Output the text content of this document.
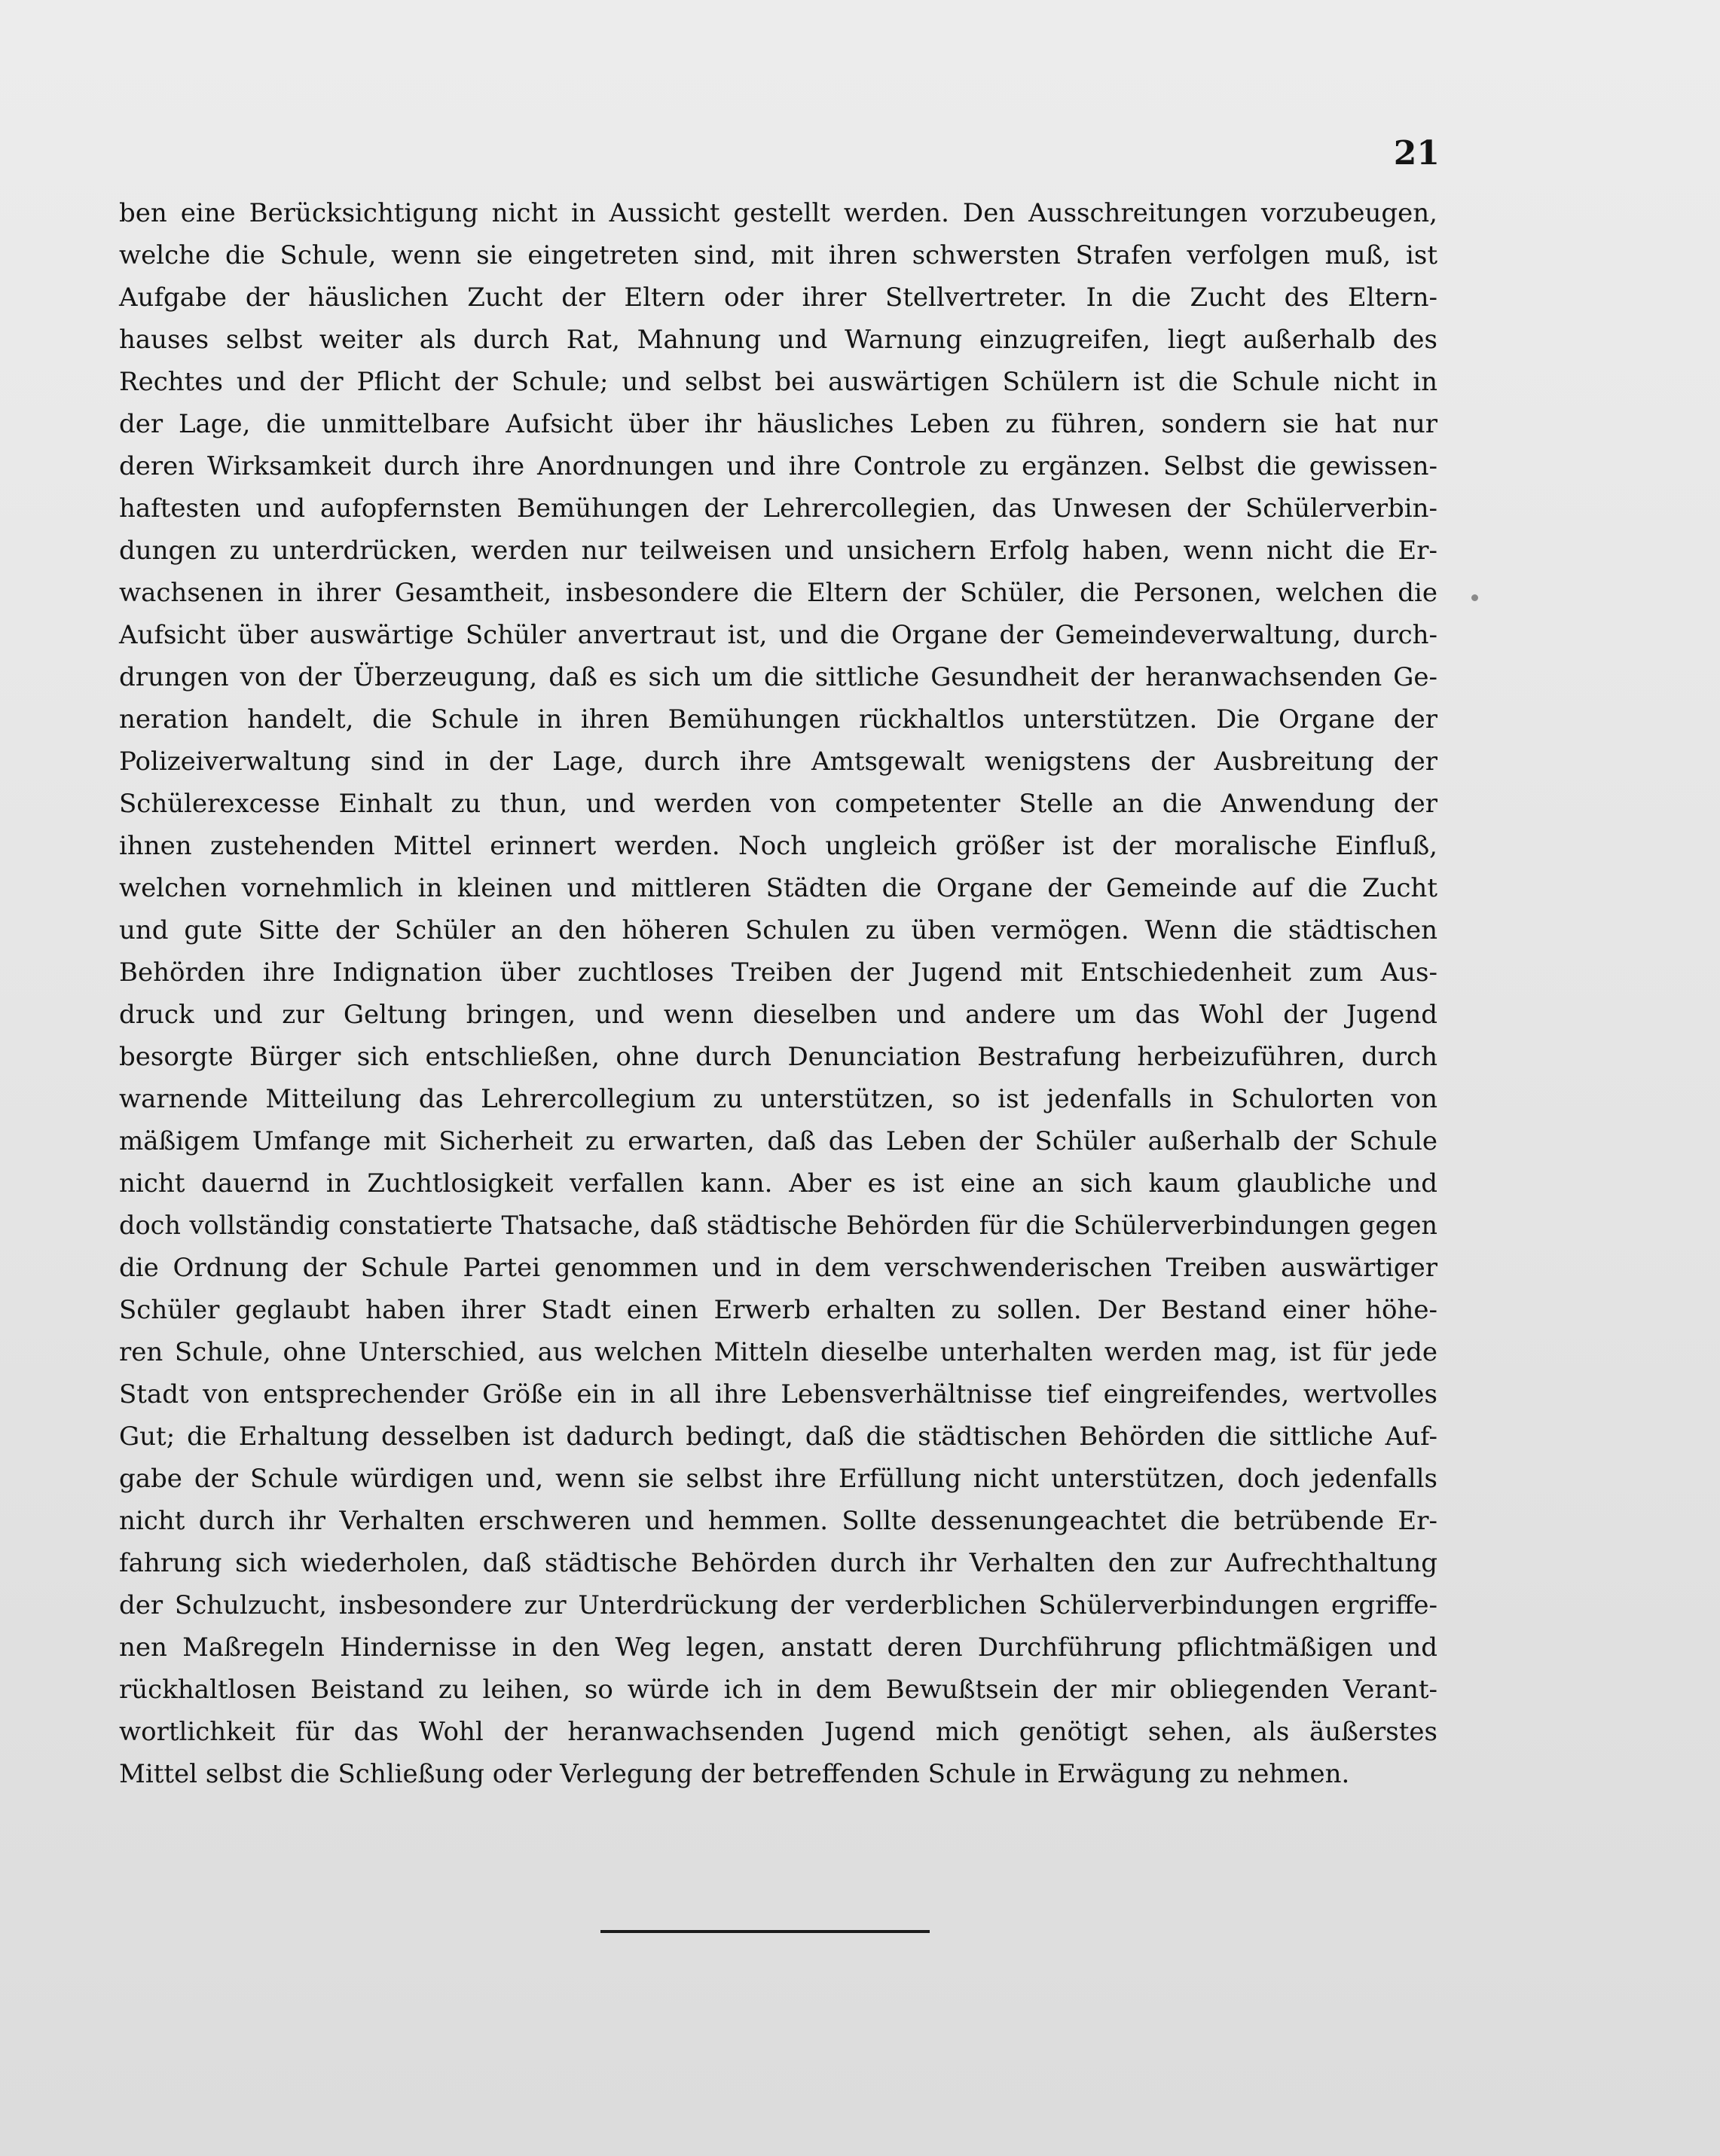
21
ben eine Berücksichtigung nicht in Aussicht gestellt werden. Den Ausschreitungen vorzubeugen,
welche die Schule, wenn sie eingetreten sind, mit ihren schwersten Strafen verfolgen muß, ist
Aufgabe der häuslichen Zucht der Eltern oder ihrer Stellvertreter. In die Zucht des Eltern-
hauses selbst weiter als durch Rat, Mahnung und Warnung einzugreifen, liegt außerhalb des
Rechtes und der Pflicht der Schule; und selbst bei auswärtigen Schülern ist die Schule nicht in
der Lage, die unmittelbare Aufsicht über ihr häusliches Leben zu führen, sondern sie hat nur
deren Wirksamkeit durch ihre Anordnungen und ihre Controle zu ergänzen. Selbst die gewissen-
haftesten und aufopfernsten Bemühungen der Lehrercollegien, das Unwesen der Schülerverbin-
dungen zu unterdrücken, werden nur teilweisen und unsichern Erfolg haben, wenn nicht die Er-
wachsenen in ihrer Gesamtheit, insbesondere die Eltern der Schüler, die Personen, welchen die
Aufsicht über auswärtige Schüler anvertraut ist, und die Organe der Gemeindeverwaltung, durch-
drungen von der Überzeugung, daß es sich um die sittliche Gesundheit der heranwachsenden Ge-
neration handelt, die Schule in ihren Bemühungen rückhaltlos unterstützen. Die Organe der
Polizeiverwaltung sind in der Lage, durch ihre Amtsgewalt wenigstens der Ausbreitung der
Schülerexcesse Einhalt zu thun, und werden von competenter Stelle an die Anwendung der
ihnen zustehenden Mittel erinnert werden. Noch ungleich größer ist der moralische Einfluß,
welchen vornehmlich in kleinen und mittleren Städten die Organe der Gemeinde auf die Zucht
und gute Sitte der Schüler an den höheren Schulen zu üben vermögen. Wenn die städtischen
Behörden ihre Indignation über zuchtloses Treiben der Jugend mit Entschiedenheit zum Aus-
druck und zur Geltung bringen, und wenn dieselben und andere um das Wohl der Jugend
besorgte Bürger sich entschließen, ohne durch Denunciation Bestrafung herbeizuführen, durch
warnende Mitteilung das Lehrercollegium zu unterstützen, so ist jedenfalls in Schulorten von
mäßigem Umfange mit Sicherheit zu erwarten, daß das Leben der Schüler außerhalb der Schule
nicht dauernd in Zuchtlosigkeit verfallen kann. Aber es ist eine an sich kaum glaubliche und
doch vollständig constatierte Thatsache, daß städtische Behörden für die Schülerverbindungen gegen
die Ordnung der Schule Partei genommen und in dem verschwenderischen Treiben auswärtiger
Schüler geglaubt haben ihrer Stadt einen Erwerb erhalten zu sollen. Der Bestand einer höhe-
ren Schule, ohne Unterschied, aus welchen Mitteln dieselbe unterhalten werden mag, ist für jede
Stadt von entsprechender Größe ein in all ihre Lebensverhältnisse tief eingreifendes, wertvolles
Gut; die Erhaltung desselben ist dadurch bedingt, daß die städtischen Behörden die sittliche Auf-
gabe der Schule würdigen und, wenn sie selbst ihre Erfüllung nicht unterstützen, doch jedenfalls
nicht durch ihr Verhalten erschweren und hemmen. Sollte dessenungeachtet die betrübende Er-
fahrung sich wiederholen, daß städtische Behörden durch ihr Verhalten den zur Aufrechthaltung
der Schulzucht, insbesondere zur Unterdrückung der verderblichen Schülerverbindungen ergriffe-
nen Maßregeln Hindernisse in den Weg legen, anstatt deren Durchführung pflichtmäßigen und
rückhaltlosen Beistand zu leihen, so würde ich in dem Bewußtsein der mir obliegenden Verant-
wortlichkeit für das Wohl der heranwachsenden Jugend mich genötigt sehen, als äußerstes
Mittel selbst die Schließung oder Verlegung der betreffenden Schule in Erwägung zu nehmen.
